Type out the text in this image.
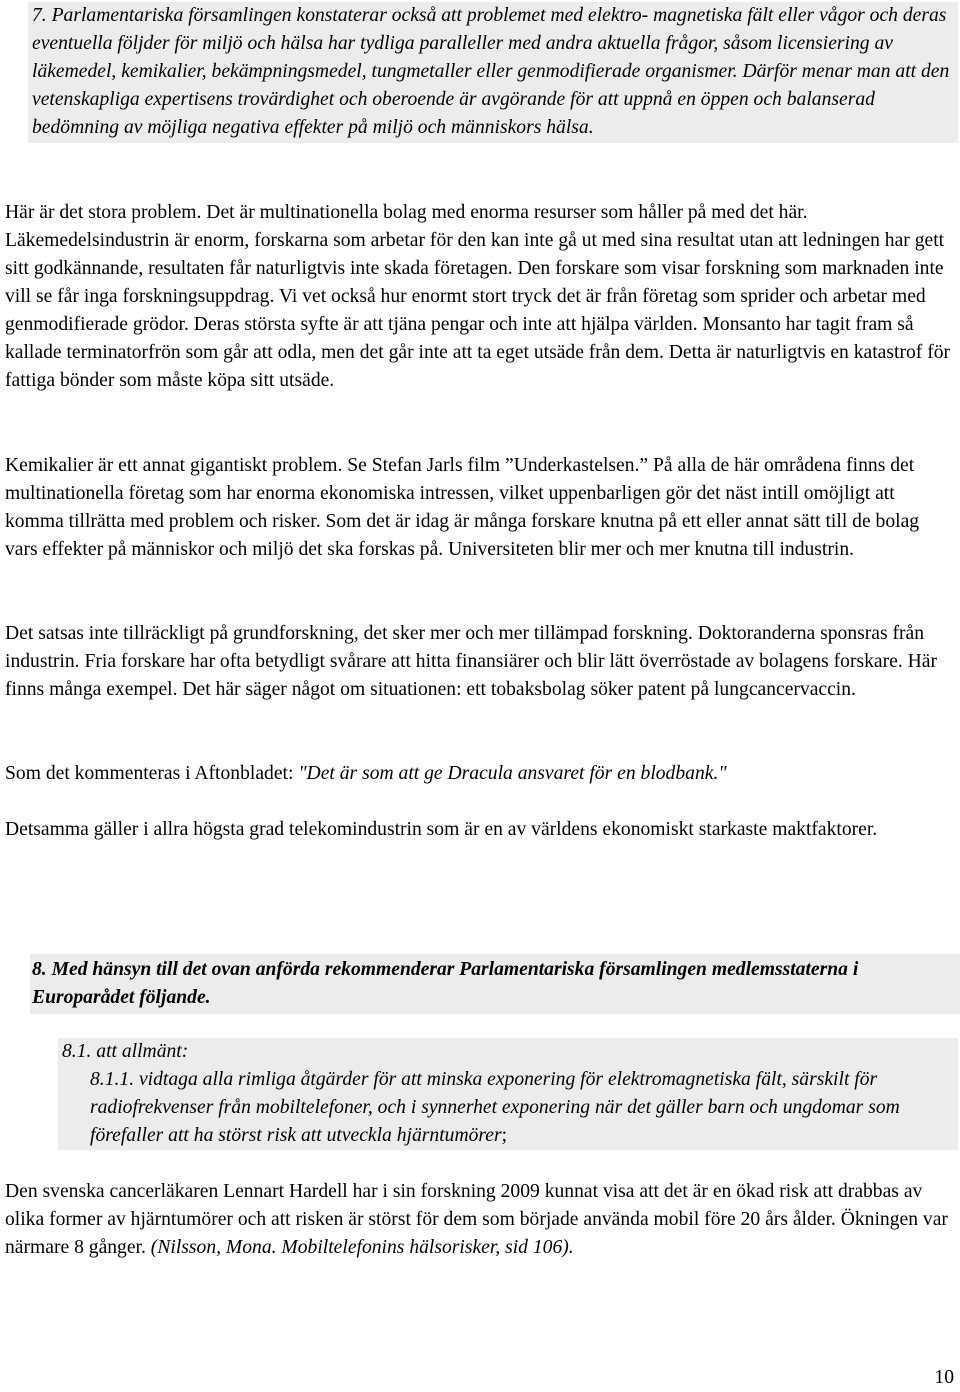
7. Parlamentariska församlingen konstaterar också att problemet med elektro- magnetiska fält eller vågor och deras eventuella följder för miljö och hälsa har tydliga paralleller med andra aktuella frågor, såsom licensiering av läkemedel, kemikalier, bekämpningsmedel, tungmetaller eller genmodifierade organismer. Därför menar man att den vetenskapliga expertisens trovärdighet och oberoende är avgörande för att uppnå en öppen och balanserad bedömning av möjliga negativa effekter på miljö och människors hälsa.

Här är det stora problem. Det är multinationella bolag med enorma resurser som håller på med det här. Läkemedelsindustrin är enorm, forskarna som arbetar för den kan inte gå ut med sina resultat utan att ledningen har gett sitt godkännande, resultaten får naturligtvis inte skada företagen. Den forskare som visar forskning som marknaden inte vill se får inga forskningsuppdrag. Vi vet också hur enormt stort tryck det är från företag som sprider och arbetar med genmodifierade grödor. Deras största syfte är att tjäna pengar och inte att hjälpa världen. Monsanto har tagit fram så kallade terminatorfrön som går att odla, men det går inte att ta eget utsäde från dem. Detta är naturligtvis en katastrof för fattiga bönder som måste köpa sitt utsäde.

Kemikalier är ett annat gigantiskt problem. Se Stefan Jarls film ”Underkastelsen.” På alla de här områdena finns det multinationella företag som har enorma ekonomiska intressen, vilket uppenbarligen gör det näst intill omöjligt att komma tillrätta med problem och risker. Som det är idag är många forskare knutna på ett eller annat sätt till de bolag vars effekter på människor och miljö det ska forskas på. Universiteten blir mer och mer knutna till industrin.

Det satsas inte tillräckligt på grundforskning, det sker mer och mer tillämpad forskning. Doktoranderna sponsras från industrin. Fria forskare har ofta betydligt svårare att hitta finansiärer och blir lätt överröstade av bolagens forskare. Här finns många exempel. Det här säger något om situationen: ett tobaksbolag söker patent på lungcancervaccin.

Som det kommenteras i Aftonbladet: "Det är som att ge Dracula ansvaret för en blodbank."

Detsamma gäller i allra högsta grad telekomindustrin som är en av världens ekonomiskt starkaste maktfaktorer.

8. Med hänsyn till det ovan anförda rekommenderar Parlamentariska församlingen medlemsstaterna i Europarådet följande.

8.1. att allmänt:

8.1.1. vidtaga alla rimliga åtgärder för att minska exponering för elektromagnetiska fält, särskilt för radiofrekvenser från mobiltelefoner, och i synnerhet exponering när det gäller barn och ungdomar som förefaller att ha störst risk att utveckla hjärntumörer;

Den svenska cancerläkaren Lennart Hardell har i sin forskning 2009 kunnat visa att det är en ökad risk att drabbas av olika former av hjärntumörer och att risken är störst för dem som började använda mobil före 20 års ålder. Ökningen var närmare 8 gånger. (Nilsson, Mona. Mobiltelefonins hälsorisker, sid 106).

10
